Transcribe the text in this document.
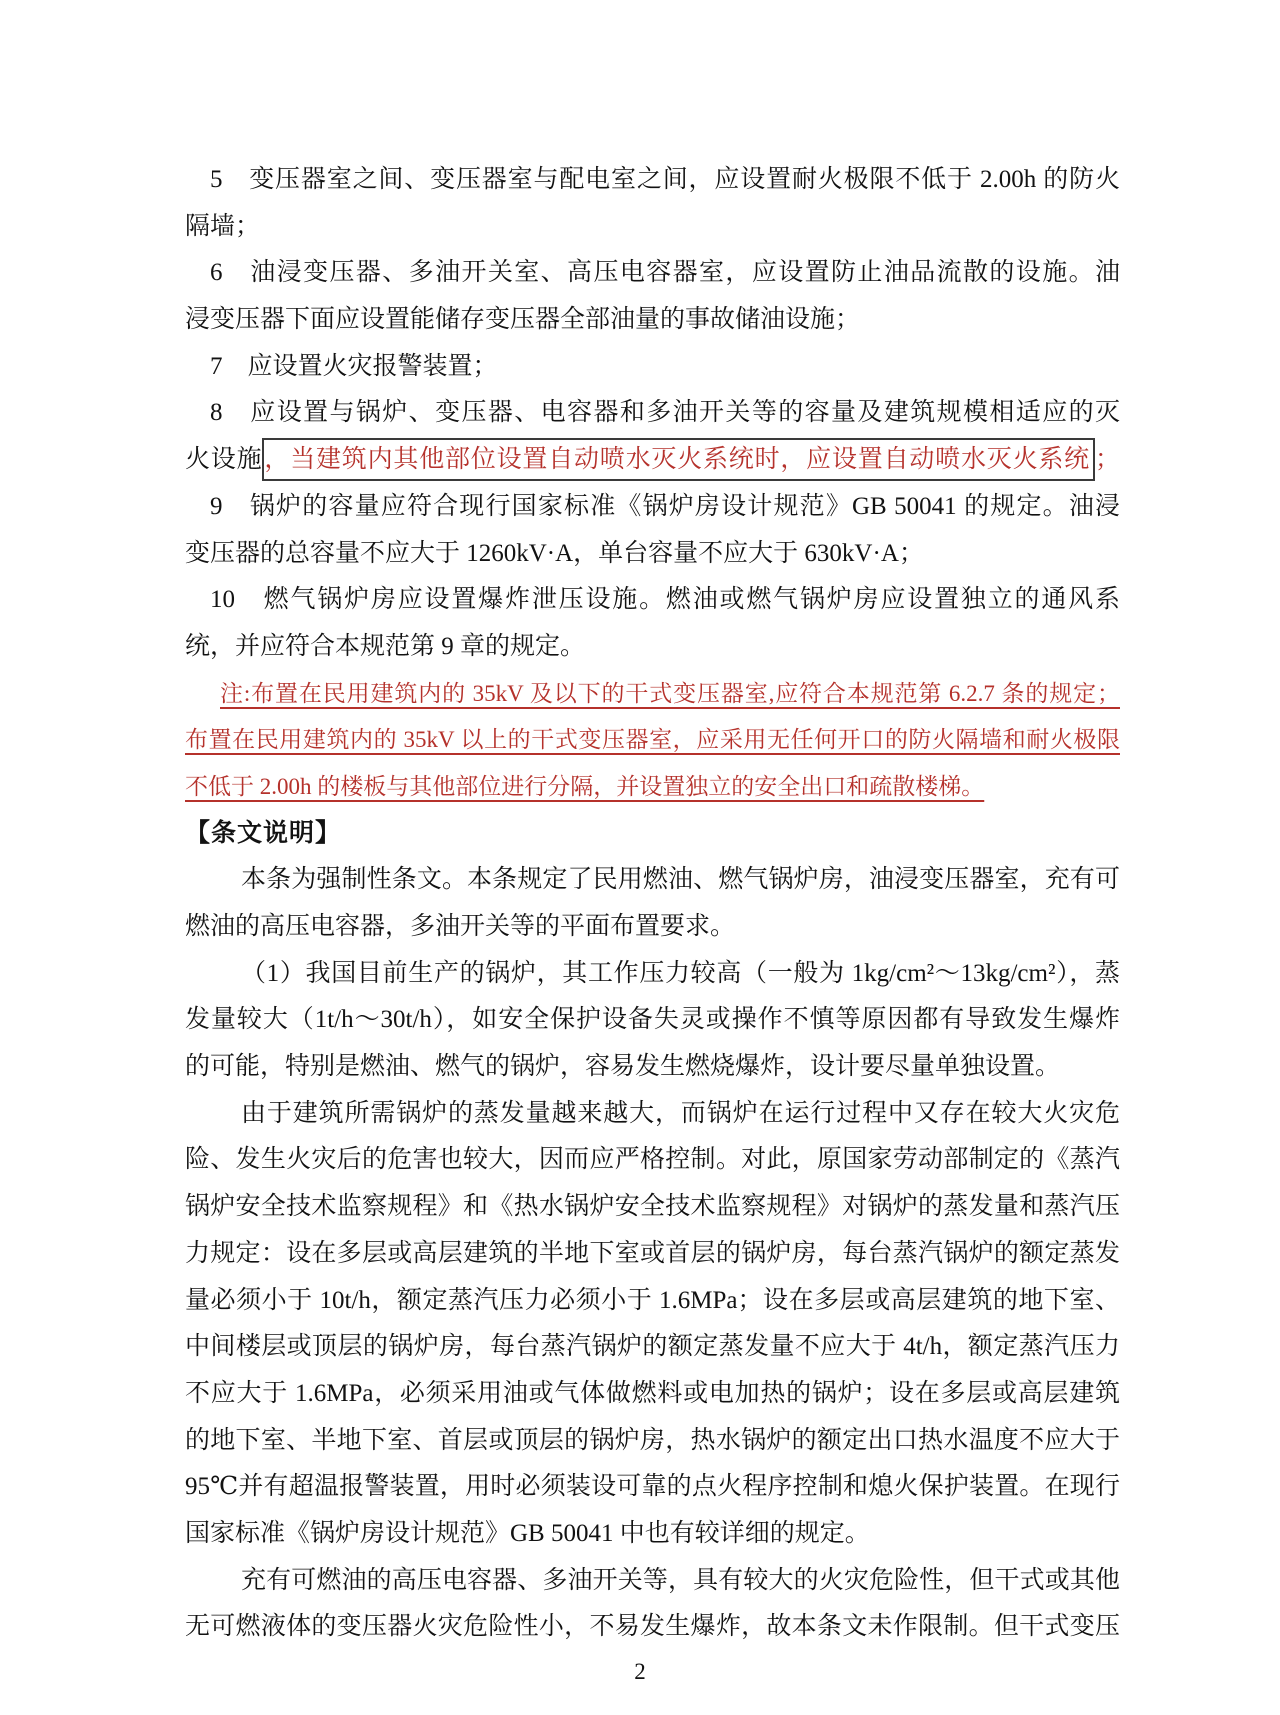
5　变压器室之间、变压器室与配电室之间，应设置耐火极限不低于 2.00h 的防火
隔墙；
6　油浸变压器、多油开关室、高压电容器室，应设置防止油品流散的设施。油
浸变压器下面应设置能储存变压器全部油量的事故储油设施；
7　应设置火灾报警装置；
8　应设置与锅炉、变压器、电容器和多油开关等的容量及建筑规模相适应的灭
火设施，当建筑内其他部位设置自动喷水灭火系统时，应设置自动喷水灭火系统 ；
9　锅炉的容量应符合现行国家标准《锅炉房设计规范》GB 50041 的规定。油浸
变压器的总容量不应大于 1260kV·A，单台容量不应大于 630kV·A；
10　燃气锅炉房应设置爆炸泄压设施。燃油或燃气锅炉房应设置独立的通风系
统，并应符合本规范第 9 章的规定。
注:布置在民用建筑内的 35kV 及以下的干式变压器室,应符合本规范第 6.2.7 条的规定；
布置在民用建筑内的 35kV 以上的干式变压器室，应采用无任何开口的防火隔墙和耐火极限
不低于 2.00h 的楼板与其他部位进行分隔，并设置独立的安全出口和疏散楼梯。
【条文说明】
本条为强制性条文。本条规定了民用燃油、燃气锅炉房，油浸变压器室，充有可
燃油的高压电容器，多油开关等的平面布置要求。
（1）我国目前生产的锅炉，其工作压力较高（一般为 1kg/cm²～13kg/cm²），蒸
发量较大（1t/h～30t/h），如安全保护设备失灵或操作不慎等原因都有导致发生爆炸
的可能，特别是燃油、燃气的锅炉，容易发生燃烧爆炸，设计要尽量单独设置。
由于建筑所需锅炉的蒸发量越来越大，而锅炉在运行过程中又存在较大火灾危
险、发生火灾后的危害也较大，因而应严格控制。对此，原国家劳动部制定的《蒸汽
锅炉安全技术监察规程》和《热水锅炉安全技术监察规程》对锅炉的蒸发量和蒸汽压
力规定：设在多层或高层建筑的半地下室或首层的锅炉房，每台蒸汽锅炉的额定蒸发
量必须小于 10t/h，额定蒸汽压力必须小于 1.6MPa；设在多层或高层建筑的地下室、
中间楼层或顶层的锅炉房，每台蒸汽锅炉的额定蒸发量不应大于 4t/h，额定蒸汽压力
不应大于 1.6MPa，必须采用油或气体做燃料或电加热的锅炉；设在多层或高层建筑
的地下室、半地下室、首层或顶层的锅炉房，热水锅炉的额定出口热水温度不应大于
95℃并有超温报警装置，用时必须装设可靠的点火程序控制和熄火保护装置。在现行
国家标准《锅炉房设计规范》GB 50041 中也有较详细的规定。
充有可燃油的高压电容器、多油开关等，具有较大的火灾危险性，但干式或其他
无可燃液体的变压器火灾危险性小，不易发生爆炸，故本条文未作限制。但干式变压
2
